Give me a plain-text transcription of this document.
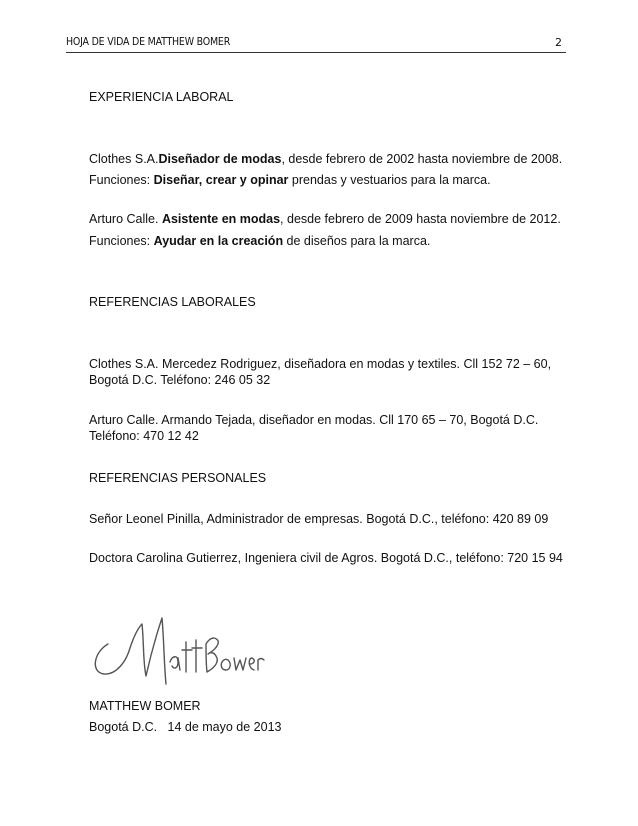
HOJA DE VIDA DE MATTHEW BOMER	2
EXPERIENCIA LABORAL
Clothes S.A.Diseñador de modas, desde febrero de 2002 hasta noviembre de 2008.
Funciones: Diseñar, crear y opinar prendas y vestuarios para la marca.
Arturo Calle. Asistente en modas, desde febrero de 2009 hasta noviembre de 2012.
Funciones: Ayudar en la creación de diseños para la marca.
REFERENCIAS LABORALES
Clothes S.A. Mercedez Rodriguez, diseñadora en modas y textiles. Cll 152 72 – 60,
Bogotá D.C. Teléfono: 246 05 32
Arturo Calle. Armando Tejada, diseñador en modas. Cll 170 65 – 70, Bogotá D.C.
Teléfono: 470 12 42
REFERENCIAS PERSONALES
Señor Leonel Pinilla, Administrador de empresas. Bogotá D.C., teléfono: 420 89 09
Doctora Carolina Gutierrez, Ingeniera civil de Agros. Bogotá D.C., teléfono: 720 15 94
MATTHEW BOMER
Bogotá D.C.   14 de mayo de 2013
